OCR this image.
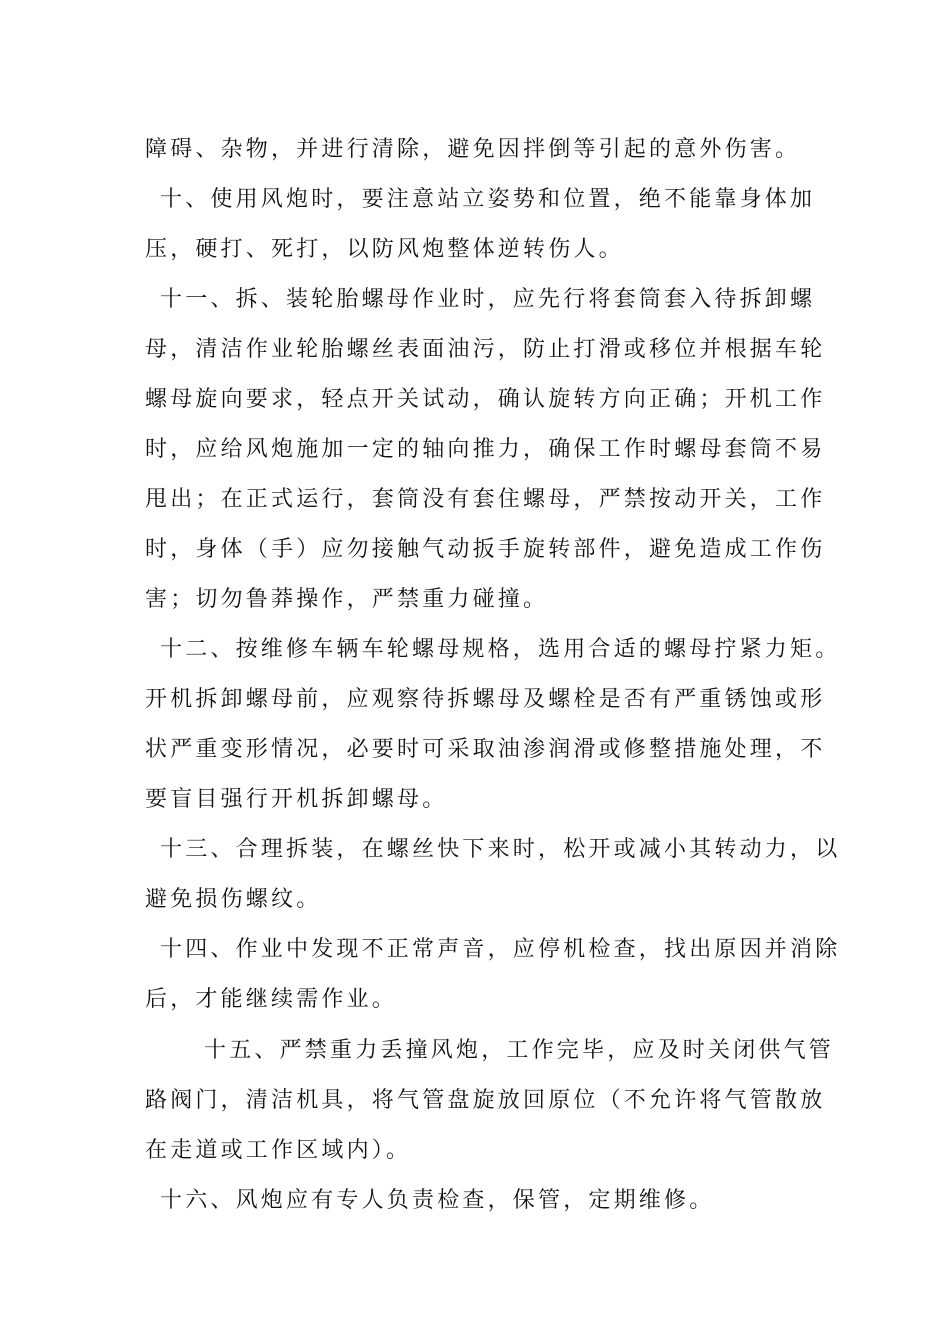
障碍、杂物，并进行清除，避免因拌倒等引起的意外伤害。
十、使用风炮时，要注意站立姿势和位置，绝不能靠身体加
压，硬打、死打，以防风炮整体逆转伤人。
十一、拆、装轮胎螺母作业时，应先行将套筒套入待拆卸螺
母，清洁作业轮胎螺丝表面油污，防止打滑或移位并根据车轮
螺母旋向要求，轻点开关试动，确认旋转方向正确；开机工作
时，应给风炮施加一定的轴向推力，确保工作时螺母套筒不易
甩出；在正式运行，套筒没有套住螺母，严禁按动开关，工作
时，身体（手）应勿接触气动扳手旋转部件，避免造成工作伤
害；切勿鲁莽操作，严禁重力碰撞。
十二、按维修车辆车轮螺母规格，选用合适的螺母拧紧力矩。
开机拆卸螺母前，应观察待拆螺母及螺栓是否有严重锈蚀或形
状严重变形情况，必要时可采取油渗润滑或修整措施处理，不
要盲目强行开机拆卸螺母。
十三、合理拆装，在螺丝快下来时，松开或减小其转动力，以
避免损伤螺纹。
十四、作业中发现不正常声音，应停机检查，找出原因并消除
后，才能继续需作业。
十五、严禁重力丢撞风炮，工作完毕，应及时关闭供气管
路阀门，清洁机具，将气管盘旋放回原位（不允许将气管散放
在走道或工作区域内）。
十六、风炮应有专人负责检查，保管，定期维修。
